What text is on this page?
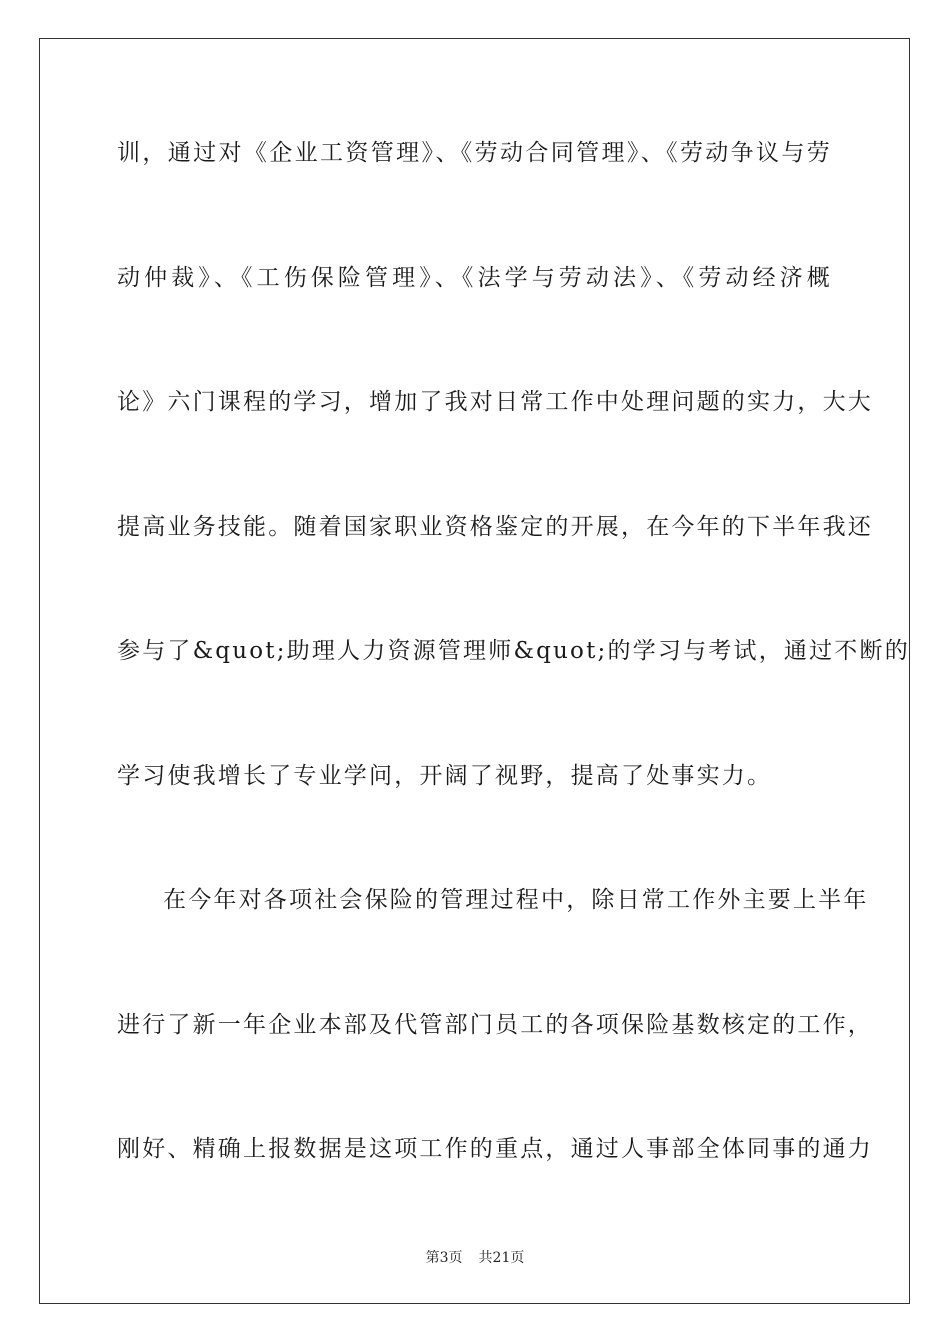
训，通过对《企业工资管理》、《劳动合同管理》、《劳动争议与劳
动仲裁》、《工伤保险管理》、《法学与劳动法》、《劳动经济概
论》六门课程的学习，增加了我对日常工作中处理问题的实力，大大
提高业务技能。随着国家职业资格鉴定的开展，在今年的下半年我还
参与了&quot;助理人力资源管理师&quot;的学习与考试，通过不断的
学习使我增长了专业学问，开阔了视野，提高了处事实力。
在今年对各项社会保险的管理过程中，除日常工作外主要上半年
进行了新一年企业本部及代管部门员工的各项保险基数核定的工作，
刚好、精确上报数据是这项工作的重点，通过人事部全体同事的通力
第3页 共21页
